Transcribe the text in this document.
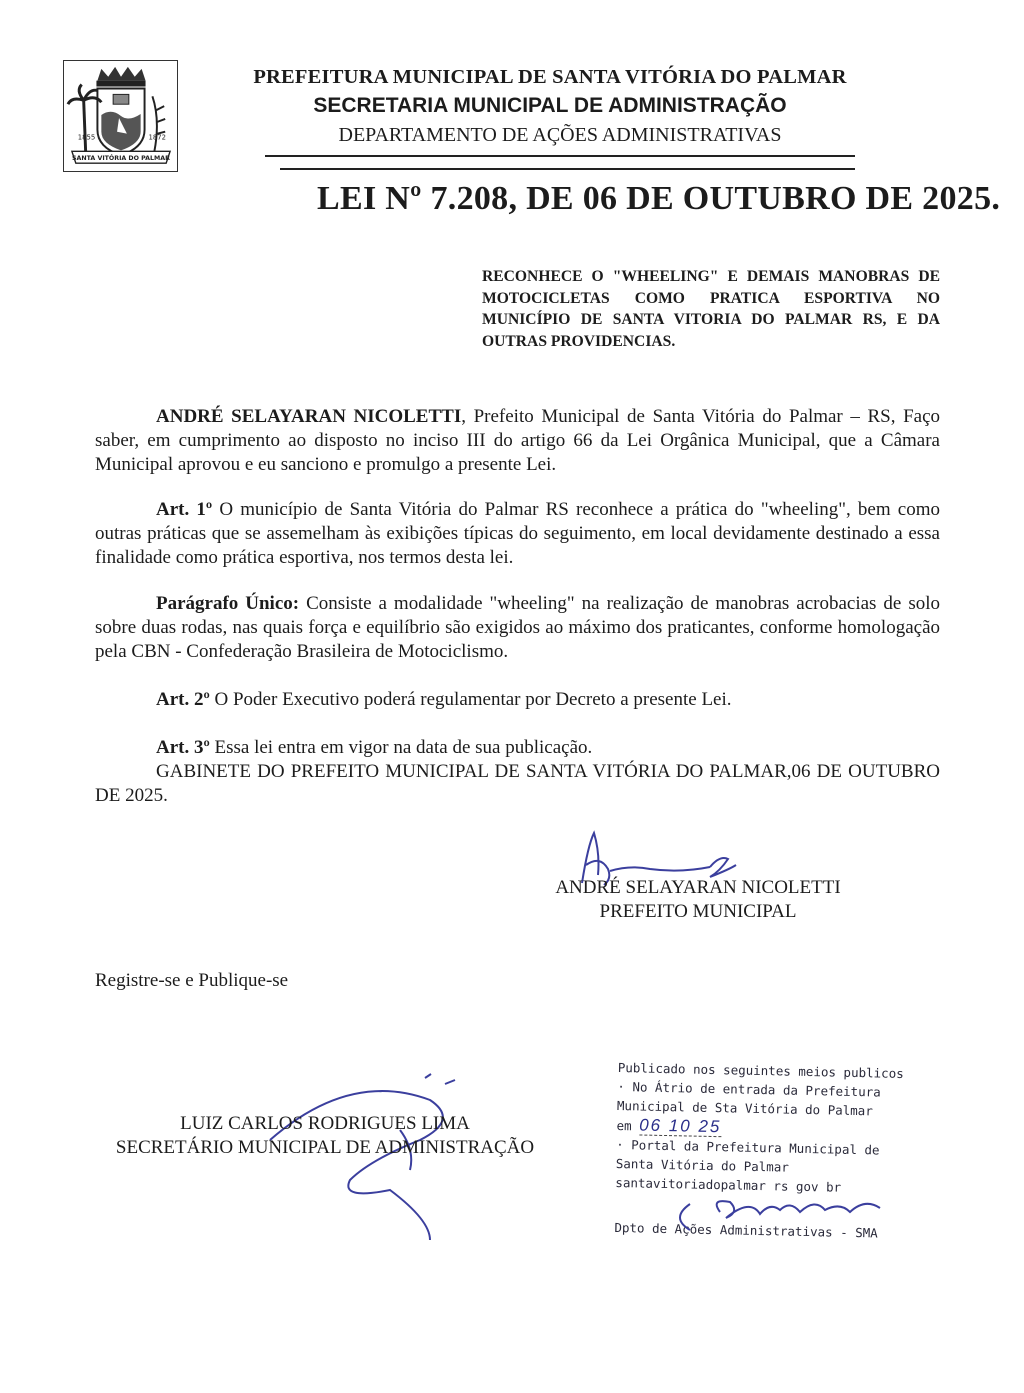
1855	1872
SANTA VITÓRIA DO PALMAR
PREFEITURA MUNICIPAL DE SANTA VITÓRIA DO PALMAR
SECRETARIA MUNICIPAL DE ADMINISTRAÇÃO
DEPARTAMENTO DE AÇÕES ADMINISTRATIVAS
LEI Nº 7.208, DE 06 DE OUTUBRO DE 2025.
RECONHECE O "WHEELING" E DEMAIS MANOBRAS DE MOTOCICLETAS COMO PRATICA ESPORTIVA NO MUNICÍPIO DE SANTA VITORIA DO PALMAR RS, E DA OUTRAS PROVIDENCIAS.
ANDRÉ SELAYARAN NICOLETTI, Prefeito Municipal de Santa Vitória do Palmar – RS, Faço saber, em cumprimento ao disposto no inciso III do artigo 66 da Lei Orgânica Municipal, que a Câmara Municipal aprovou e eu sanciono e promulgo a presente Lei.
Art. 1º O município de Santa Vitória do Palmar RS reconhece a prática do "wheeling", bem como outras práticas que se assemelham às exibições típicas do seguimento, em local devidamente destinado a essa finalidade como prática esportiva, nos termos desta lei.
Parágrafo Único: Consiste a modalidade "wheeling" na realização de manobras acrobacias de solo sobre duas rodas, nas quais força e equilíbrio são exigidos ao máximo dos praticantes, conforme homologação pela CBN - Confederação Brasileira de Motociclismo.
Art. 2º O Poder Executivo poderá regulamentar por Decreto a presente Lei.
Art. 3º Essa lei entra em vigor na data de sua publicação.
GABINETE DO PREFEITO MUNICIPAL DE SANTA VITÓRIA DO PALMAR,06 DE OUTUBRO DE 2025.
ANDRÉ SELAYARAN NICOLETTI
PREFEITO MUNICIPAL
Registre-se e Publique-se
LUIZ CARLOS RODRIGUES LIMA
SECRETÁRIO MUNICIPAL DE ADMINISTRAÇÃO
Publicado nos seguintes meios publicos
· No Átrio de entrada da Prefeitura
Municipal de Sta Vitória do Palmar
em 06 10 25
· Portal da Prefeitura Municipal de
Santa Vitória do Palmar
santavitoriadopalmar rs gov br
Dpto de Ações Administrativas - SMA
